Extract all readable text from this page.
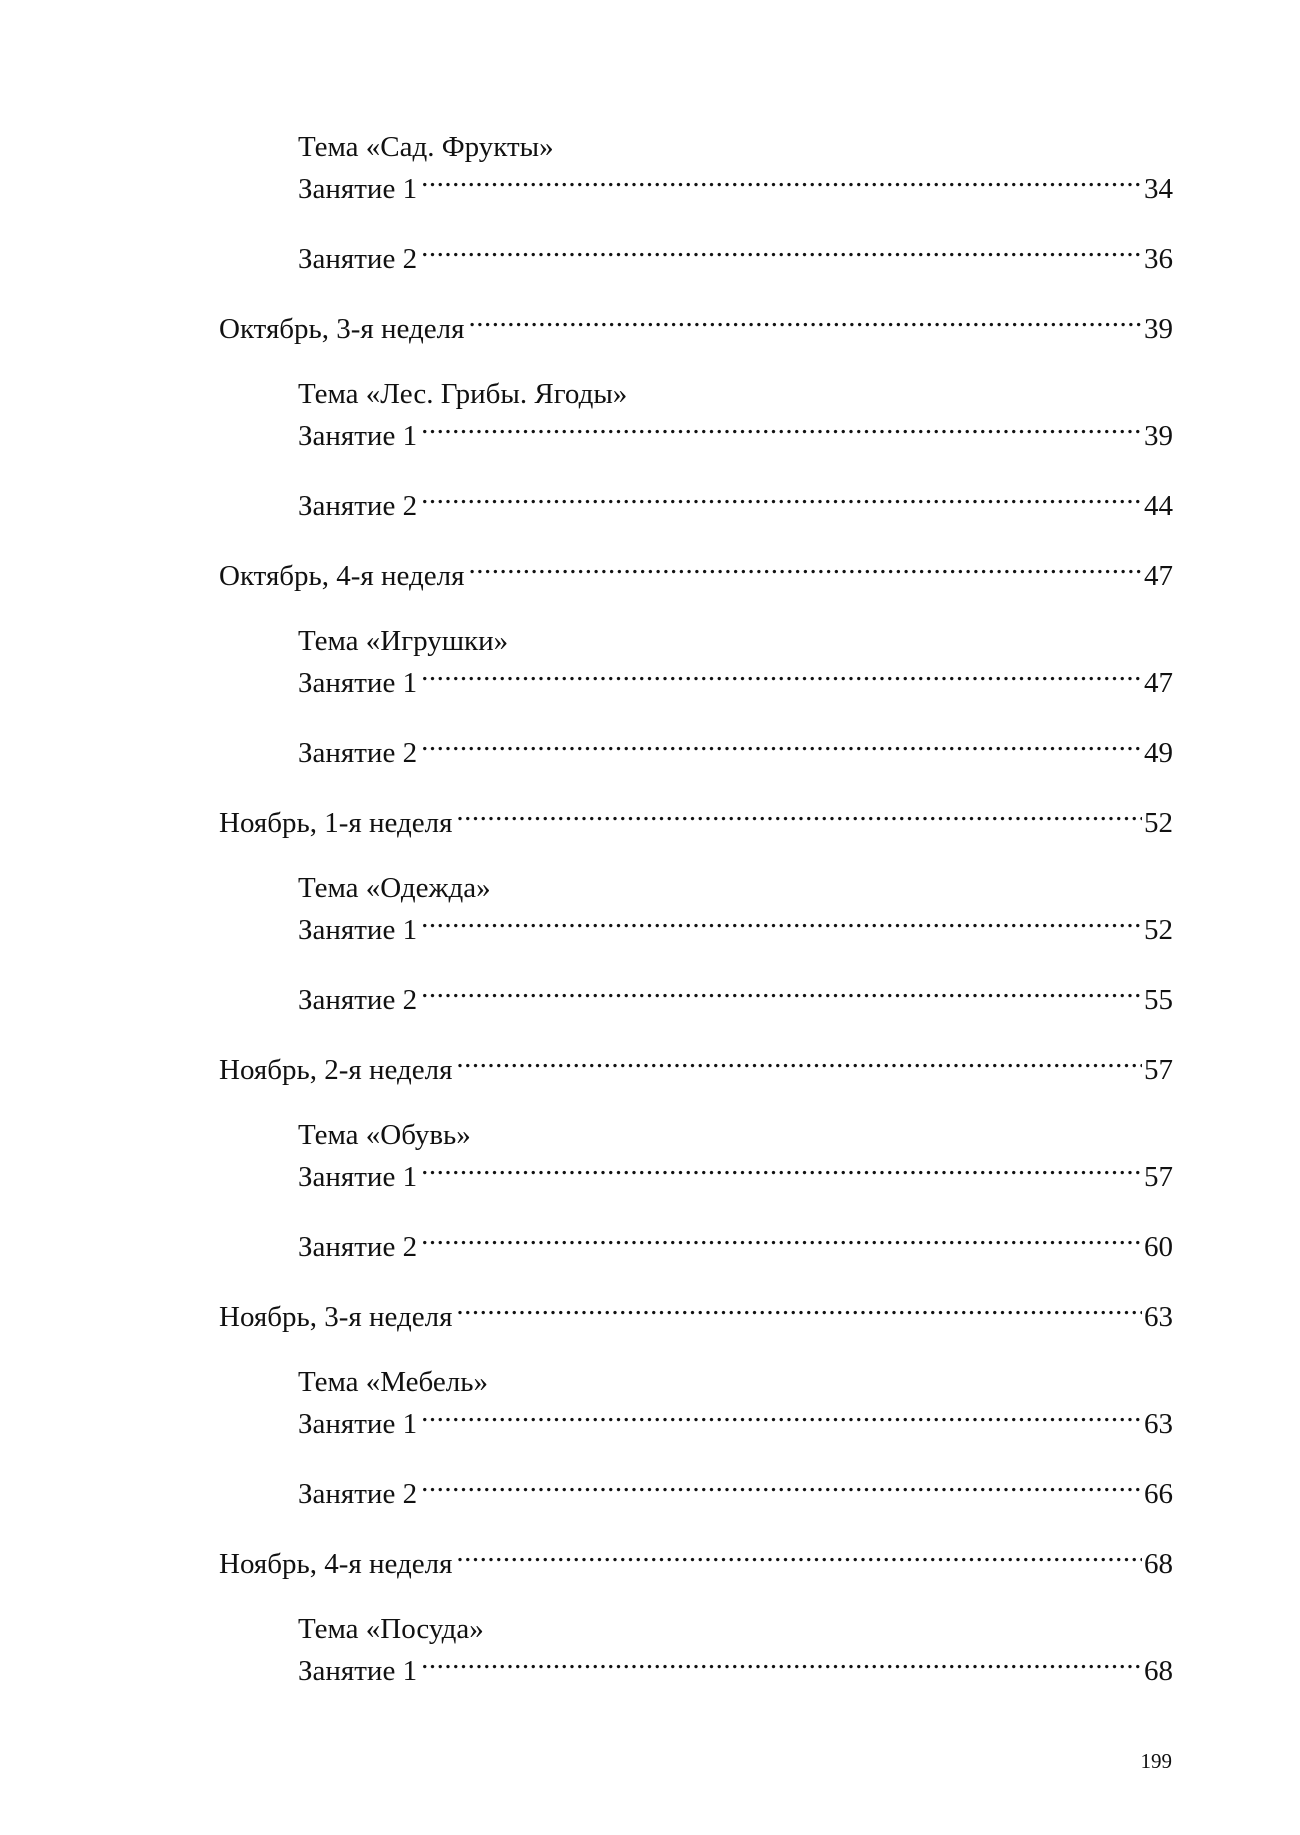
Тема «Сад. Фрукты»
Занятие 1 .....	34
Занятие 2 .....	36
Октябрь, 3-я неделя .....	39
Тема «Лес. Грибы. Ягоды»
Занятие 1 .....	39
Занятие 2 .....	44
Октябрь, 4-я неделя .....	47
Тема «Игрушки»
Занятие 1 .....	47
Занятие 2 .....	49
Ноябрь, 1-я неделя .....	52
Тема «Одежда»
Занятие 1 .....	52
Занятие 2 .....	55
Ноябрь, 2-я неделя .....	57
Тема «Обувь»
Занятие 1 .....	57
Занятие 2 .....	60
Ноябрь, 3-я неделя .....	63
Тема «Мебель»
Занятие 1 .....	63
Занятие 2 .....	66
Ноябрь, 4-я неделя .....	68
Тема «Посуда»
Занятие 1 .....	68
199
